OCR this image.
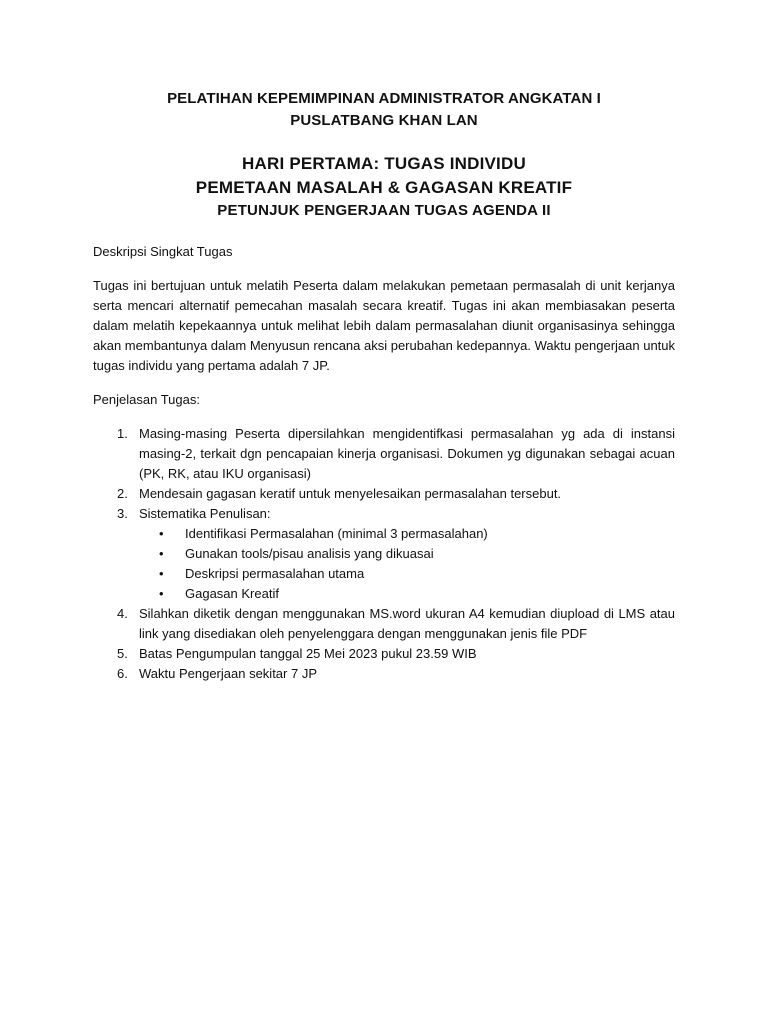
PELATIHAN KEPEMIMPINAN ADMINISTRATOR ANGKATAN I
PUSLATBANG KHAN LAN
HARI PERTAMA: TUGAS INDIVIDU
PEMETAAN MASALAH & GAGASAN KREATIF
PETUNJUK PENGERJAAN TUGAS AGENDA II

Deskripsi Singkat Tugas

Tugas ini bertujuan untuk melatih Peserta dalam melakukan pemetaan permasalah di unit kerjanya serta mencari alternatif pemecahan masalah secara kreatif. Tugas ini akan membiasakan peserta dalam melatih kepekaannya untuk melihat lebih dalam permasalahan diunit organisasinya sehingga akan membantunya dalam Menyusun rencana aksi perubahan kedepannya. Waktu pengerjaan untuk tugas individu yang pertama adalah 7 JP.

Penjelasan Tugas:

1. Masing-masing Peserta dipersilahkan mengidentifkasi permasalahan yg ada di instansi masing-2, terkait dgn pencapaian kinerja organisasi. Dokumen yg digunakan sebagai acuan (PK, RK, atau IKU organisasi)
2. Mendesain gagasan keratif untuk menyelesaikan permasalahan tersebut.
3. Sistematika Penulisan:
• Identifikasi Permasalahan (minimal 3 permasalahan)
• Gunakan tools/pisau analisis yang dikuasai
• Deskripsi permasalahan utama
• Gagasan Kreatif
4. Silahkan diketik dengan menggunakan MS.word ukuran A4 kemudian diupload di LMS atau link yang disediakan oleh penyelenggara dengan menggunakan jenis file PDF
5. Batas Pengumpulan tanggal 25 Mei 2023 pukul 23.59 WIB
6. Waktu Pengerjaan sekitar 7 JP
